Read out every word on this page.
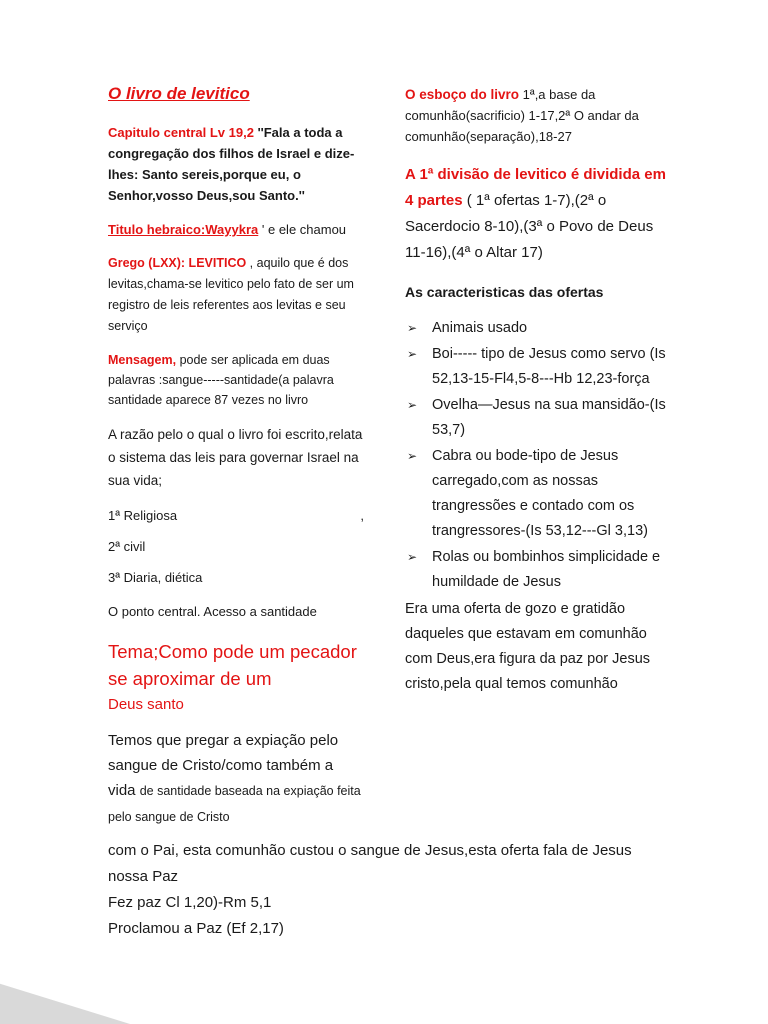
O livro de levitico

Capitulo central Lv 19,2 ''Fala a toda a congregação dos filhos de Israel e dize-lhes: Santo sereis,porque eu, o Senhor,vosso Deus,sou Santo.''

Titulo hebraico:Wayykra ' e ele chamou

Grego (LXX): LEVITICO , aquilo que é dos levitas,chama-se levitico pelo fato de ser um registro de leis referentes aos levitas e seu serviço

Mensagem, pode ser aplicada em duas palavras :sangue-----santidade(a palavra santidade aparece 87 vezes no livro

A razão pelo o qual o livro foi escrito,relata o sistema das leis para governar Israel na sua vida;

1ª Religiosa	,
2ª civil
3ª Diaria, diética

O ponto central. Acesso a santidade

Tema;Como pode um pecador se aproximar de um
Deus santo

Temos que pregar a expiação pelo sangue de Cristo/como também a vida de santidade baseada na expiação feita pelo sangue de Cristo

O esboço do livro 1ª,a base da comunhão(sacrificio) 1-17,2ª O andar da comunhão(separação),18-27

A 1ª divisão de levitico é dividida em 4 partes ( 1ª ofertas 1-7),(2ª o Sacerdocio 8-10),(3ª o Povo de Deus 11-16),(4ª o Altar 17)

As caracteristicas das ofertas

➢ Animais usado
➢ Boi----- tipo de Jesus como servo (Is 52,13-15-Fl4,5-8---Hb 12,23-força
➢ Ovelha—Jesus na sua mansidão-(Is 53,7)
➢ Cabra ou bode-tipo de Jesus carregado,com as nossas trangressões e contado com os trangressores-(Is 53,12---Gl 3,13)
➢ Rolas ou bombinhos simplicidade e humildade de Jesus

Era uma oferta de gozo e gratidão daqueles que estavam em comunhão com Deus,era figura da paz por Jesus cristo,pela qual temos comunhão

com o Pai, esta comunhão custou o sangue de Jesus,esta oferta fala de Jesus nossa Paz

Fez paz Cl 1,20)-Rm 5,1

Proclamou a Paz (Ef 2,17)
